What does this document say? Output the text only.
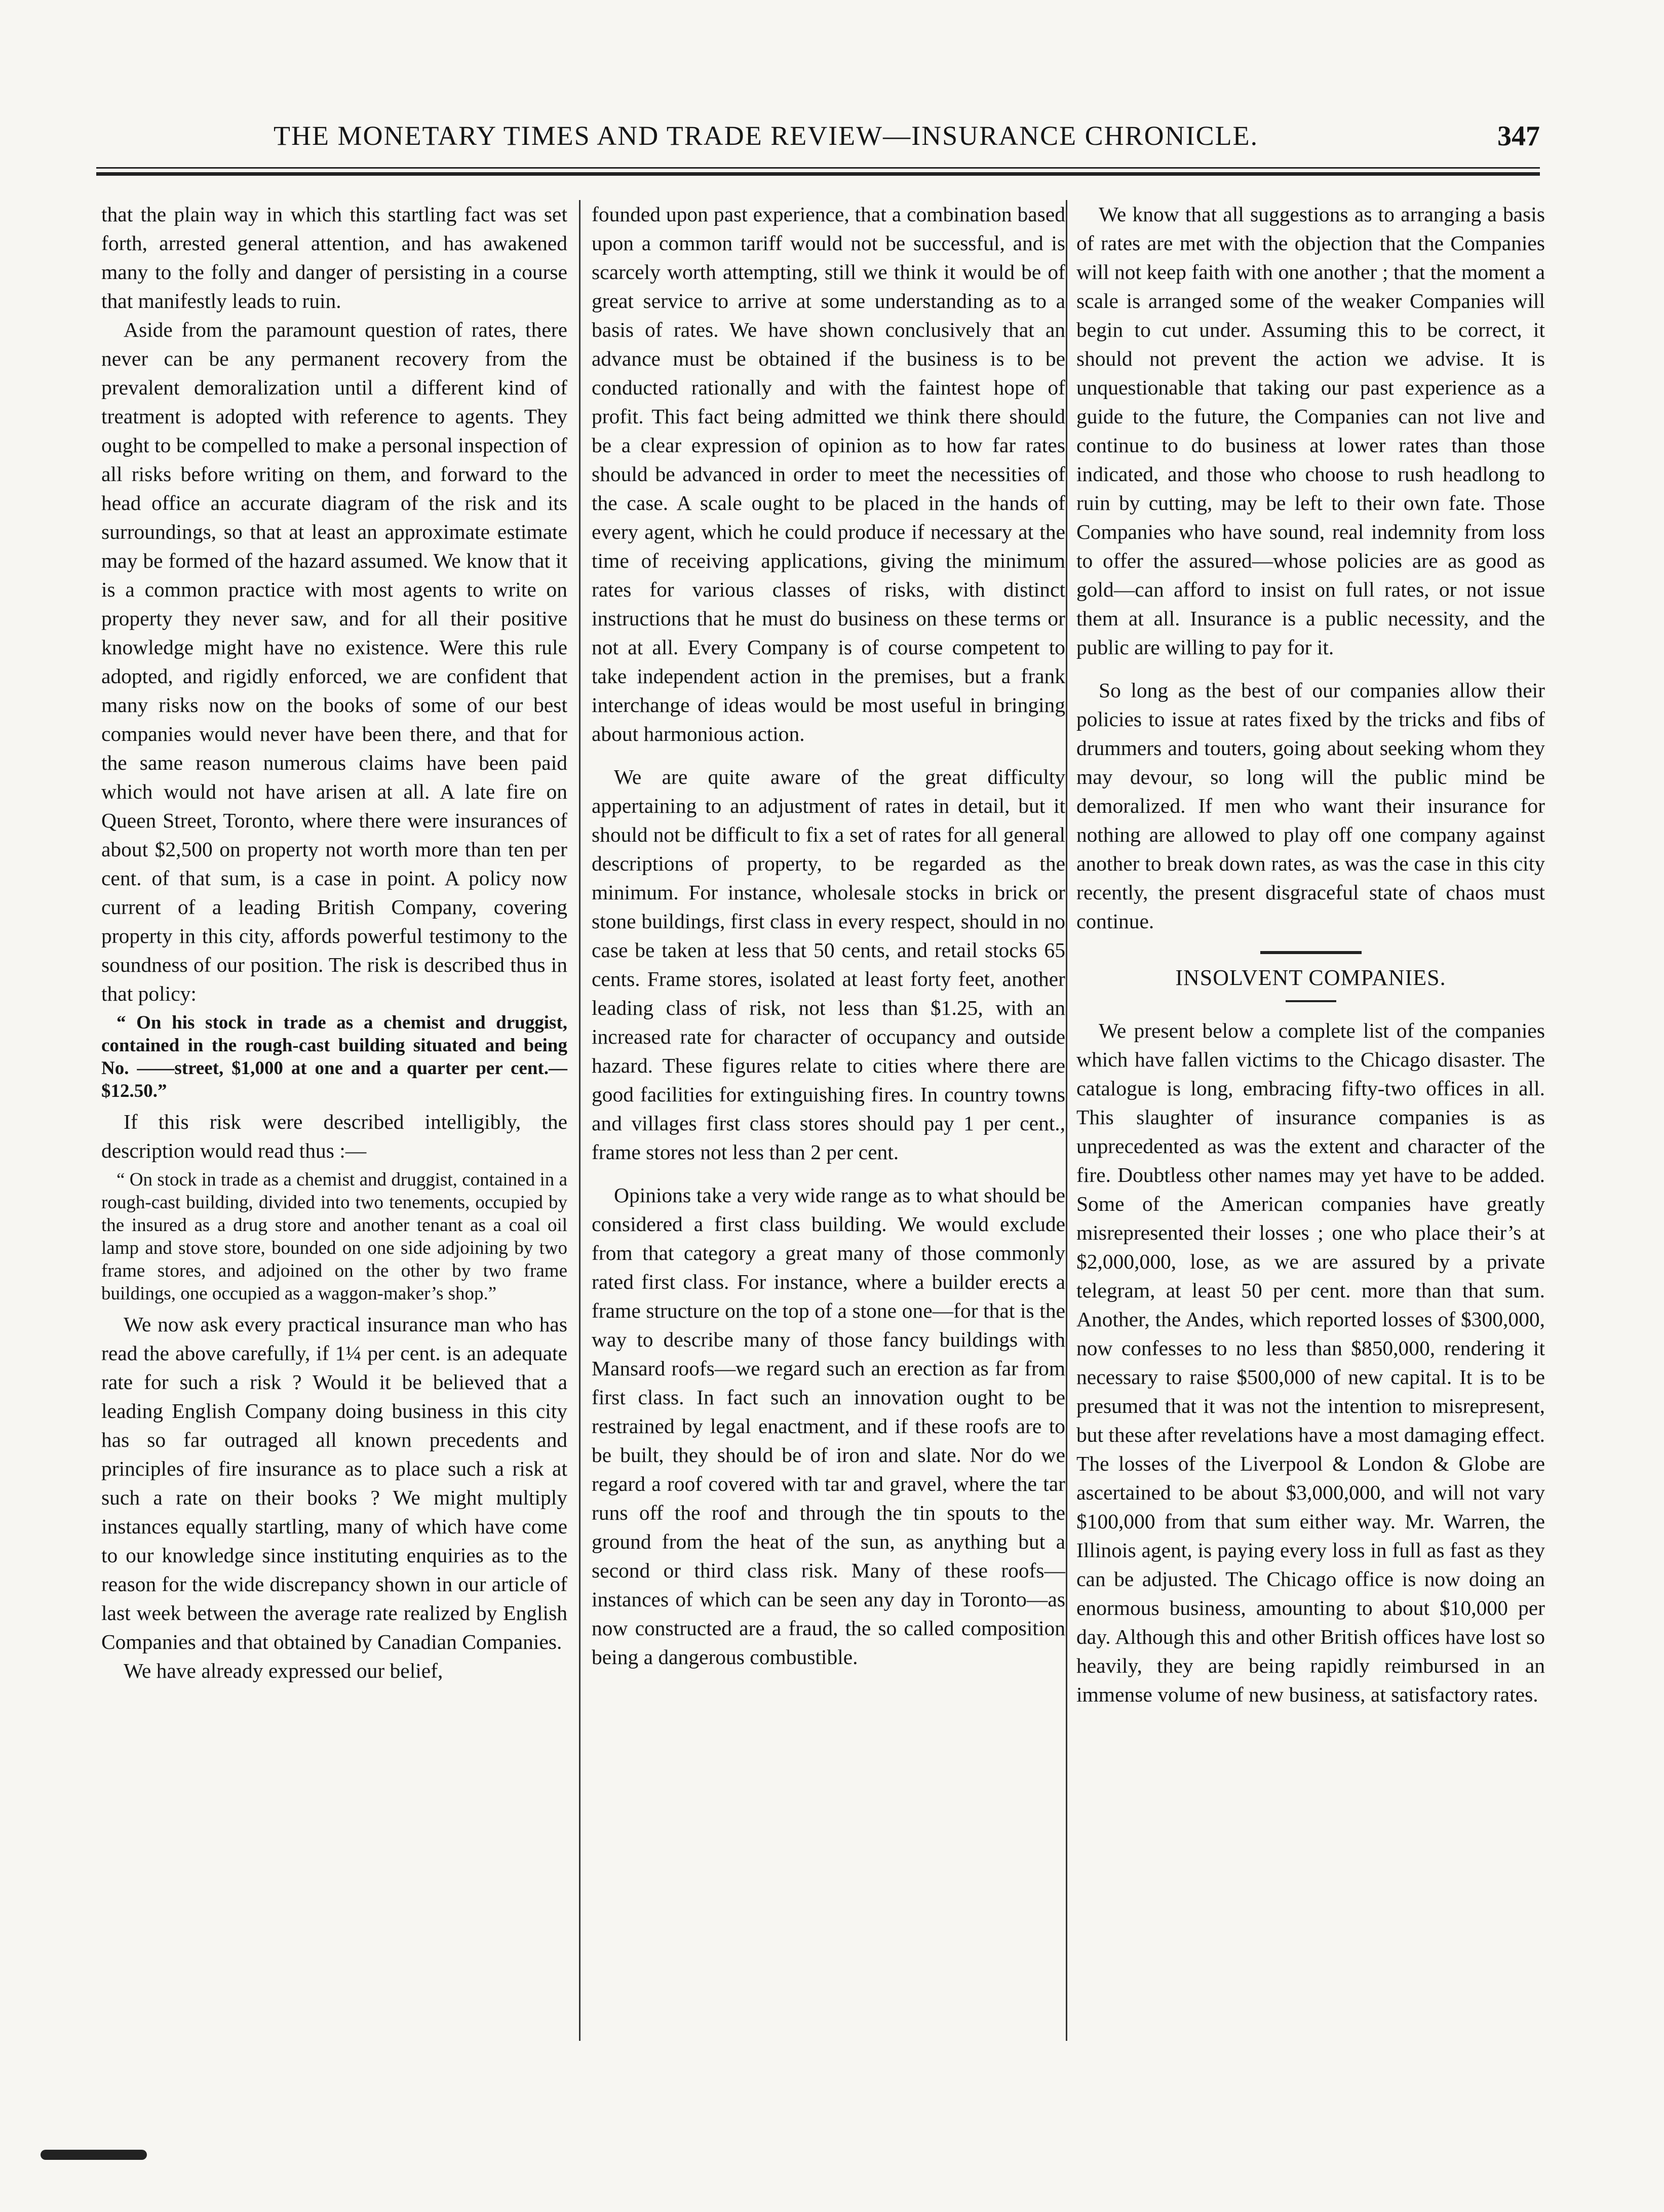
THE MONETARY TIMES AND TRADE REVIEW—INSURANCE CHRONICLE.	347

that the plain way in which this startling fact was set forth, arrested general attention, and has awakened many to the folly and danger of persisting in a course that manifestly leads to ruin.

Aside from the paramount question of rates, there never can be any permanent recovery from the prevalent demoralization until a different kind of treatment is adopted with reference to agents. They ought to be compelled to make a personal inspection of all risks before writing on them, and forward to the head office an accurate diagram of the risk and its surroundings, so that at least an approximate estimate may be formed of the hazard assumed. We know that it is a common practice with most agents to write on property they never saw, and for all their positive knowledge might have no existence. Were this rule adopted, and rigidly enforced, we are confident that many risks now on the books of some of our best companies would never have been there, and that for the same reason numerous claims have been paid which would not have arisen at all. A late fire on Queen Street, Toronto, where there were insurances of about $2,500 on property not worth more than ten per cent. of that sum, is a case in point. A policy now current of a leading British Company, covering property in this city, affords powerful testimony to the soundness of our position. The risk is described thus in that policy:

“ On his stock in trade as a chemist and druggist, contained in the rough-cast building situated and being No. ——street, $1,000 at one and a quarter per cent.—$12.50.”

If this risk were described intelligibly, the description would read thus :—

“ On stock in trade as a chemist and druggist, contained in a rough-cast building, divided into two tenements, occupied by the insured as a drug store and another tenant as a coal oil lamp and stove store, bounded on one side adjoining by two frame stores, and adjoined on the other by two frame buildings, one occupied as a waggon-maker’s shop.”

We now ask every practical insurance man who has read the above carefully, if 1¼ per cent. is an adequate rate for such a risk ? Would it be believed that a leading English Company doing business in this city has so far outraged all known precedents and principles of fire insurance as to place such a risk at such a rate on their books ? We might multiply instances equally startling, many of which have come to our knowledge since instituting enquiries as to the reason for the wide discrepancy shown in our article of last week between the average rate realized by English Companies and that obtained by Canadian Companies.

We have already expressed our belief,

founded upon past experience, that a combination based upon a common tariff would not be successful, and is scarcely worth attempting, still we think it would be of great service to arrive at some understanding as to a basis of rates. We have shown conclusively that an advance must be obtained if the business is to be conducted rationally and with the faintest hope of profit. This fact being admitted we think there should be a clear expression of opinion as to how far rates should be advanced in order to meet the necessities of the case. A scale ought to be placed in the hands of every agent, which he could produce if necessary at the time of receiving applications, giving the minimum rates for various classes of risks, with distinct instructions that he must do business on these terms or not at all. Every Company is of course competent to take independent action in the premises, but a frank interchange of ideas would be most useful in bringing about harmonious action.

We are quite aware of the great difficulty appertaining to an adjustment of rates in detail, but it should not be difficult to fix a set of rates for all general descriptions of property, to be regarded as the minimum. For instance, wholesale stocks in brick or stone buildings, first class in every respect, should in no case be taken at less that 50 cents, and retail stocks 65 cents. Frame stores, isolated at least forty feet, another leading class of risk, not less than $1.25, with an increased rate for character of occupancy and outside hazard. These figures relate to cities where there are good facilities for extinguishing fires. In country towns and villages first class stores should pay 1 per cent., frame stores not less than 2 per cent.

Opinions take a very wide range as to what should be considered a first class building. We would exclude from that category a great many of those commonly rated first class. For instance, where a builder erects a frame structure on the top of a stone one—for that is the way to describe many of those fancy buildings with Mansard roofs—we regard such an erection as far from first class. In fact such an innovation ought to be restrained by legal enactment, and if these roofs are to be built, they should be of iron and slate. Nor do we regard a roof covered with tar and gravel, where the tar runs off the roof and through the tin spouts to the ground from the heat of the sun, as anything but a second or third class risk. Many of these roofs—instances of which can be seen any day in Toronto—as now constructed are a fraud, the so called composition being a dangerous combustible.

We know that all suggestions as to arranging a basis of rates are met with the objection that the Companies will not keep faith with one another ; that the moment a scale is arranged some of the weaker Companies will begin to cut under. Assuming this to be correct, it should not prevent the action we advise. It is unquestionable that taking our past experience as a guide to the future, the Companies can not live and continue to do business at lower rates than those indicated, and those who choose to rush headlong to ruin by cutting, may be left to their own fate. Those Companies who have sound, real indemnity from loss to offer the assured—whose policies are as good as gold—can afford to insist on full rates, or not issue them at all. Insurance is a public necessity, and the public are willing to pay for it.

So long as the best of our companies allow their policies to issue at rates fixed by the tricks and fibs of drummers and touters, going about seeking whom they may devour, so long will the public mind be demoralized. If men who want their insurance for nothing are allowed to play off one company against another to break down rates, as was the case in this city recently, the present disgraceful state of chaos must continue.

INSOLVENT COMPANIES.

We present below a complete list of the companies which have fallen victims to the Chicago disaster. The catalogue is long, embracing fifty-two offices in all. This slaughter of insurance companies is as unprecedented as was the extent and character of the fire. Doubtless other names may yet have to be added. Some of the American companies have greatly misrepresented their losses ; one who place their’s at $2,000,000, lose, as we are assured by a private telegram, at least 50 per cent. more than that sum. Another, the Andes, which reported losses of $300,000, now confesses to no less than $850,000, rendering it necessary to raise $500,000 of new capital. It is to be presumed that it was not the intention to misrepresent, but these after revelations have a most damaging effect. The losses of the Liverpool & London & Globe are ascertained to be about $3,000,000, and will not vary $100,000 from that sum either way. Mr. Warren, the Illinois agent, is paying every loss in full as fast as they can be adjusted. The Chicago office is now doing an enormous business, amounting to about $10,000 per day. Although this and other British offices have lost so heavily, they are being rapidly reimbursed in an immense volume of new business, at satisfactory rates.
